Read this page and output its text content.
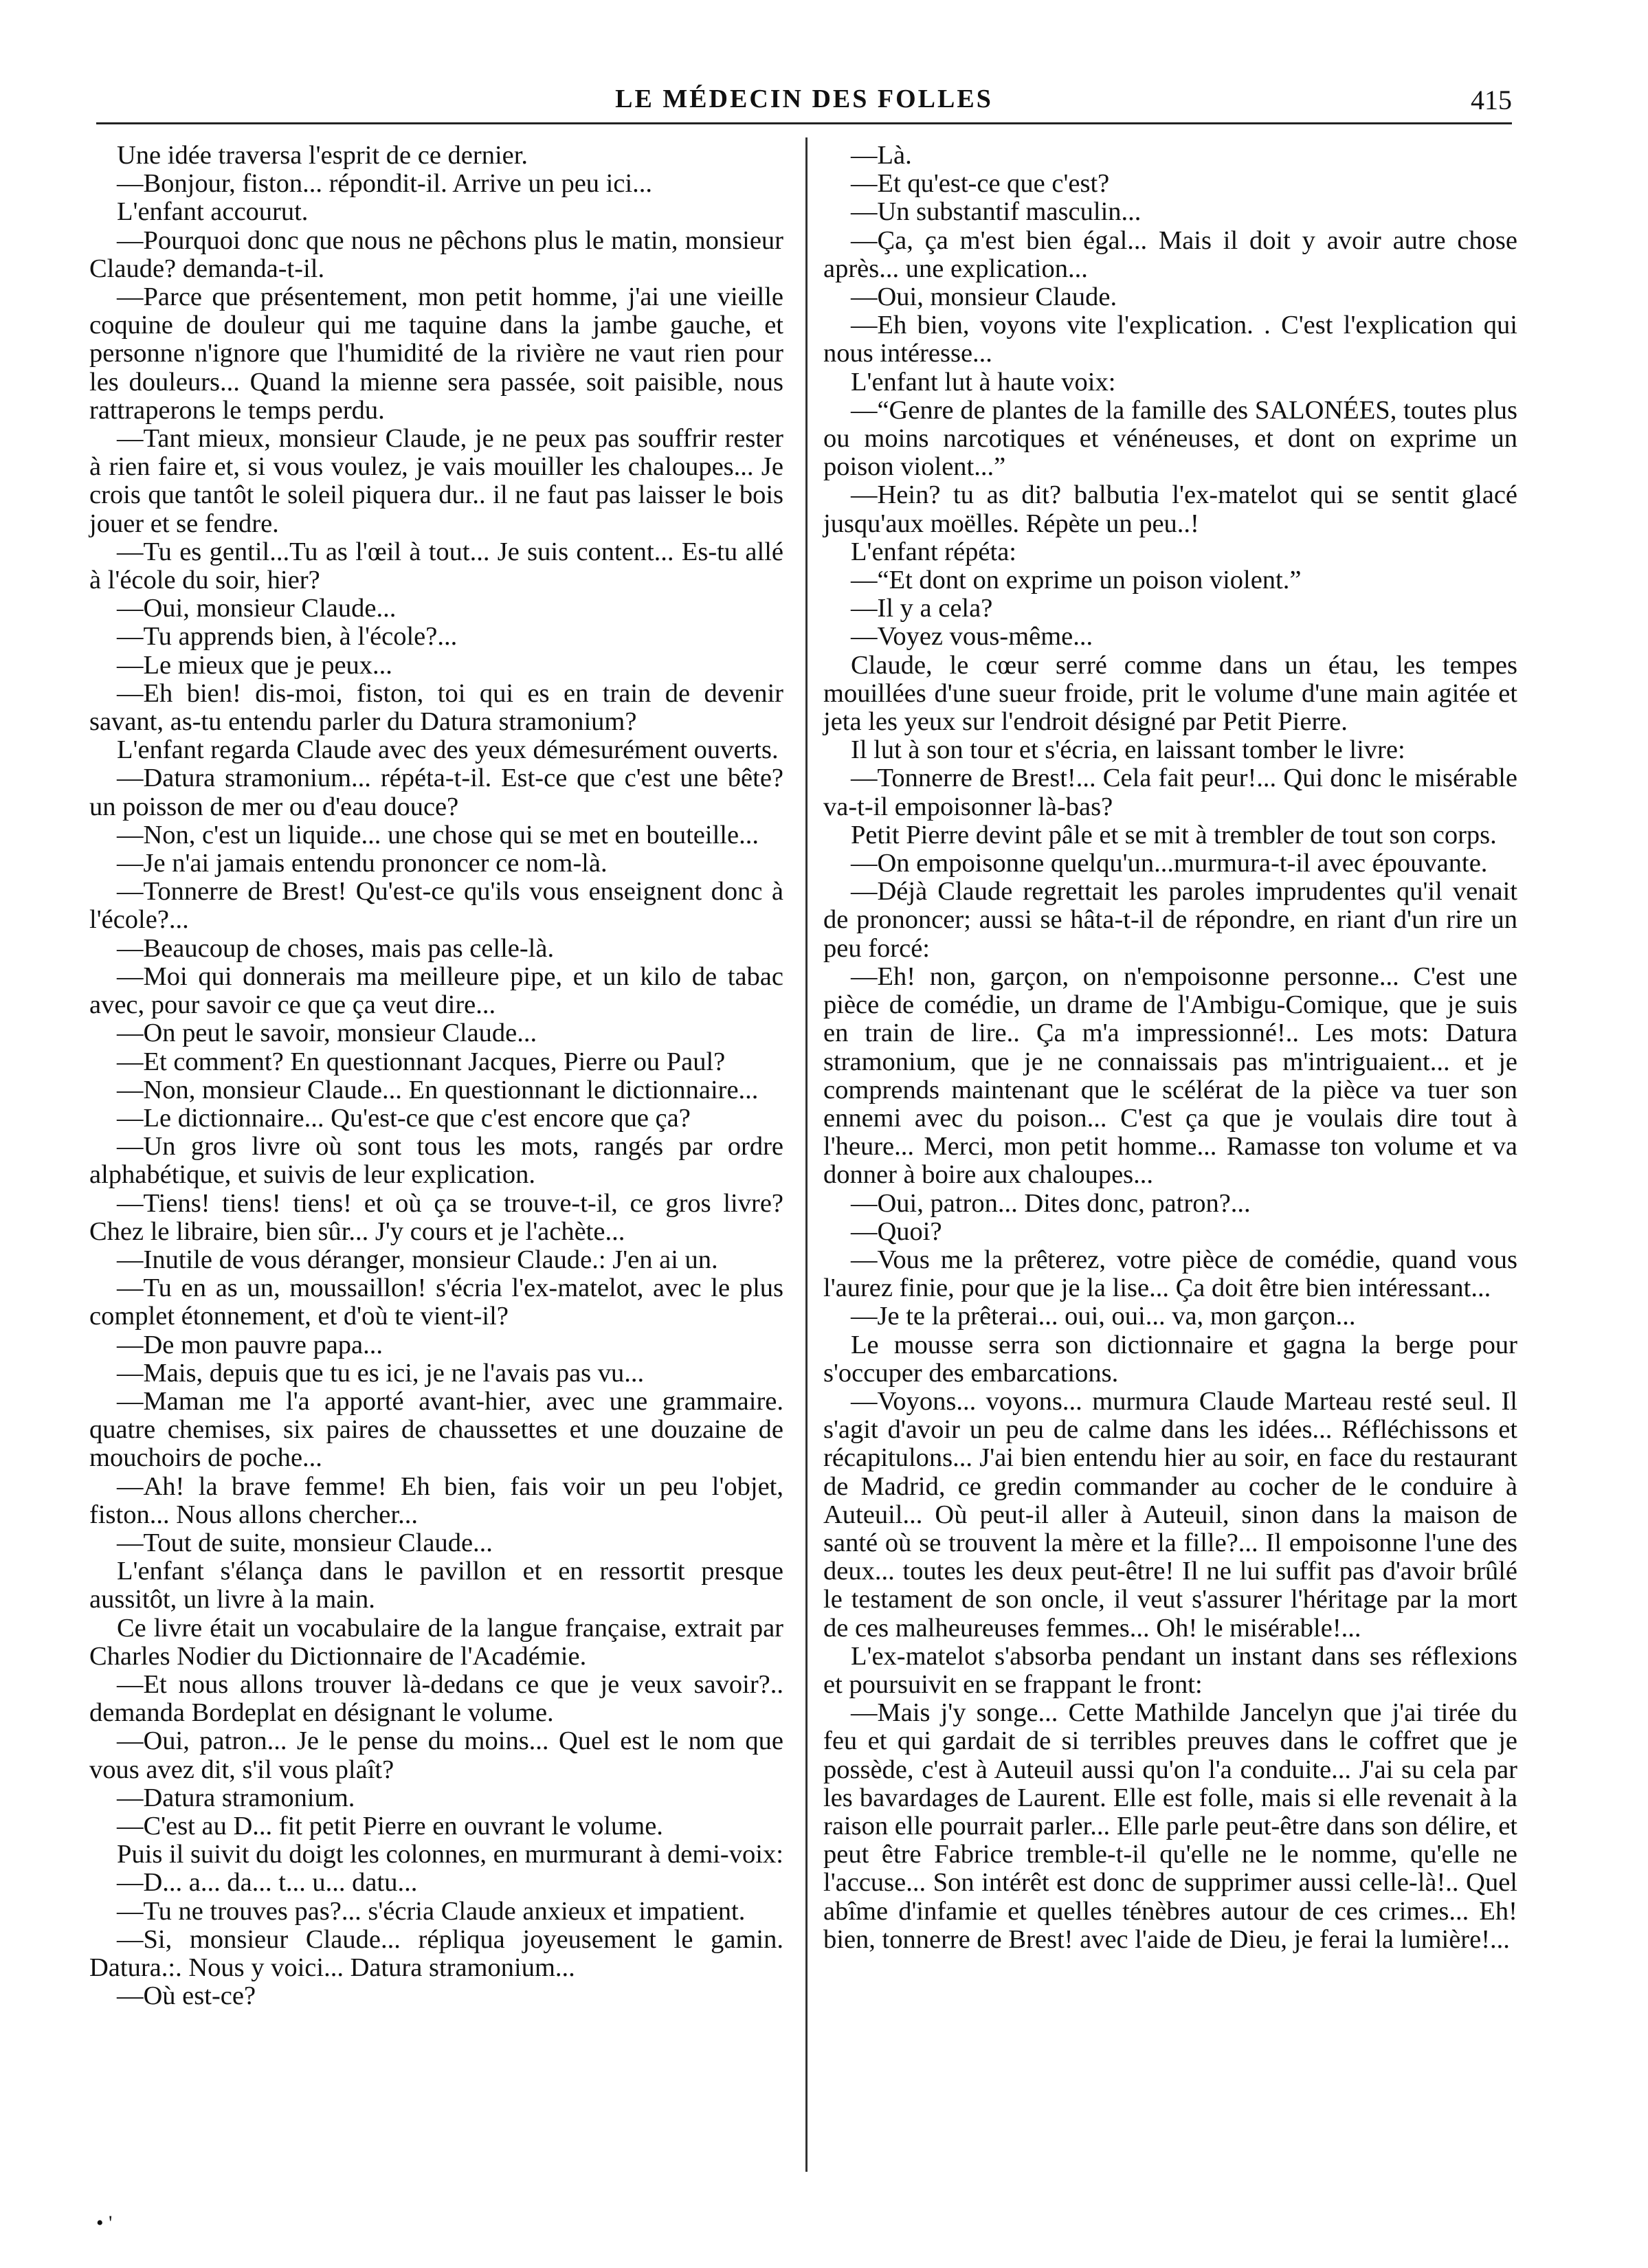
LE MÉDECIN DES FOLLES	415

Une idée traversa l'esprit de ce dernier.

—Bonjour, fiston... répondit-il. Arrive un peu ici...

L'enfant accourut.

—Pourquoi donc que nous ne pêchons plus le matin, monsieur Claude? demanda-t-il.

—Parce que présentement, mon petit homme, j'ai une vieille coquine de douleur qui me taquine dans la jambe gauche, et personne n'ignore que l'humidité de la rivière ne vaut rien pour les douleurs... Quand la mienne sera passée, soit paisible, nous rattraperons le temps perdu.

—Tant mieux, monsieur Claude, je ne peux pas souffrir rester à rien faire et, si vous voulez, je vais mouiller les chaloupes... Je crois que tantôt le soleil piquera dur.. il ne faut pas laisser le bois jouer et se fendre.

—Tu es gentil...Tu as l'œil à tout... Je suis content... Es-tu allé à l'école du soir, hier?

—Oui, monsieur Claude...

—Tu apprends bien, à l'école?...

—Le mieux que je peux...

—Eh bien! dis-moi, fiston, toi qui es en train de devenir savant, as-tu entendu parler du Datura stramonium?

L'enfant regarda Claude avec des yeux démesurément ouverts.

—Datura stramonium... répéta-t-il. Est-ce que c'est une bête? un poisson de mer ou d'eau douce?

—Non, c'est un liquide... une chose qui se met en bouteille...

—Je n'ai jamais entendu prononcer ce nom-là.

—Tonnerre de Brest! Qu'est-ce qu'ils vous enseignent donc à l'école?...

—Beaucoup de choses, mais pas celle-là.

—Moi qui donnerais ma meilleure pipe, et un kilo de tabac avec, pour savoir ce que ça veut dire...

—On peut le savoir, monsieur Claude...

—Et comment? En questionnant Jacques, Pierre ou Paul?

—Non, monsieur Claude... En questionnant le dictionnaire...

—Le dictionnaire... Qu'est-ce que c'est encore que ça?

—Un gros livre où sont tous les mots, rangés par ordre alphabétique, et suivis de leur explication.

—Tiens! tiens! tiens! et où ça se trouve-t-il, ce gros livre? Chez le libraire, bien sûr... J'y cours et je l'achète...

—Inutile de vous déranger, monsieur Claude.: J'en ai un.

—Tu en as un, moussaillon! s'écria l'ex-matelot, avec le plus complet étonnement, et d'où te vient-il?

—De mon pauvre papa...

—Mais, depuis que tu es ici, je ne l'avais pas vu...

—Maman me l'a apporté avant-hier, avec une grammaire. quatre chemises, six paires de chaussettes et une douzaine de mouchoirs de poche...

—Ah! la brave femme! Eh bien, fais voir un peu l'objet, fiston... Nous allons chercher...

—Tout de suite, monsieur Claude...

L'enfant s'élança dans le pavillon et en ressortit presque aussitôt, un livre à la main.

Ce livre était un vocabulaire de la langue française, extrait par Charles Nodier du Dictionnaire de l'Académie.

—Et nous allons trouver là-dedans ce que je veux savoir?.. demanda Bordeplat en désignant le volume.

—Oui, patron... Je le pense du moins... Quel est le nom que vous avez dit, s'il vous plaît?

—Datura stramonium.

—C'est au D... fit petit Pierre en ouvrant le volume.

Puis il suivit du doigt les colonnes, en murmurant à demi-voix:

—D... a... da... t... u... datu...

—Tu ne trouves pas?... s'écria Claude anxieux et impatient.

—Si, monsieur Claude... répliqua joyeusement le gamin. Datura.:. Nous y voici... Datura stramonium...

—Où est-ce?

—Là.

—Et qu'est-ce que c'est?

—Un substantif masculin...

—Ça, ça m'est bien égal... Mais il doit y avoir autre chose après... une explication...

—Oui, monsieur Claude.

—Eh bien, voyons vite l'explication. . C'est l'explication qui nous intéresse...

L'enfant lut à haute voix:

—“Genre de plantes de la famille des SALONÉES, toutes plus ou moins narcotiques et vénéneuses, et dont on exprime un poison violent...”

—Hein? tu as dit? balbutia l'ex-matelot qui se sentit glacé jusqu'aux moëlles. Répète un peu..!

L'enfant répéta:

—“Et dont on exprime un poison violent.”

—Il y a cela?

—Voyez vous-même...

Claude, le cœur serré comme dans un étau, les tempes mouillées d'une sueur froide, prit le volume d'une main agitée et jeta les yeux sur l'endroit désigné par Petit Pierre.

Il lut à son tour et s'écria, en laissant tomber le livre:

—Tonnerre de Brest!... Cela fait peur!... Qui donc le misérable va-t-il empoisonner là-bas?

Petit Pierre devint pâle et se mit à trembler de tout son corps.

—On empoisonne quelqu'un...murmura-t-il avec épouvante.

—Déjà Claude regrettait les paroles imprudentes qu'il venait de prononcer; aussi se hâta-t-il de répondre, en riant d'un rire un peu forcé:

—Eh! non, garçon, on n'empoisonne personne... C'est une pièce de comédie, un drame de l'Ambigu-Comique, que je suis en train de lire.. Ça m'a impressionné!.. Les mots: Datura stramonium, que je ne connaissais pas m'intriguaient... et je comprends maintenant que le scélérat de la pièce va tuer son ennemi avec du poison... C'est ça que je voulais dire tout à l'heure... Merci, mon petit homme... Ramasse ton volume et va donner à boire aux chaloupes...

—Oui, patron... Dites donc, patron?...

—Quoi?

—Vous me la prêterez, votre pièce de comédie, quand vous l'aurez finie, pour que je la lise... Ça doit être bien intéressant...

—Je te la prêterai... oui, oui... va, mon garçon...

Le mousse serra son dictionnaire et gagna la berge pour s'occuper des embarcations.

—Voyons... voyons... murmura Claude Marteau resté seul. Il s'agit d'avoir un peu de calme dans les idées... Réfléchissons et récapitulons... J'ai bien entendu hier au soir, en face du restaurant de Madrid, ce gredin commander au cocher de le conduire à Auteuil... Où peut-il aller à Auteuil, sinon dans la maison de santé où se trouvent la mère et la fille?... Il empoisonne l'une des deux... toutes les deux peut-être! Il ne lui suffit pas d'avoir brûlé le testament de son oncle, il veut s'assurer l'héritage par la mort de ces malheureuses femmes... Oh! le misérable!...

L'ex-matelot s'absorba pendant un instant dans ses réflexions et poursuivit en se frappant le front:

—Mais j'y songe... Cette Mathilde Jancelyn que j'ai tirée du feu et qui gardait de si terribles preuves dans le coffret que je possède, c'est à Auteuil aussi qu'on l'a conduite... J'ai su cela par les bavardages de Laurent. Elle est folle, mais si elle revenait à la raison elle pourrait parler... Elle parle peut-être dans son délire, et peut être Fabrice tremble-t-il qu'elle ne le nomme, qu'elle ne l'accuse... Son intérêt est donc de supprimer aussi celle-là!.. Quel abîme d'infamie et quelles ténèbres autour de ces crimes... Eh! bien, tonnerre de Brest! avec l'aide de Dieu, je ferai la lumière!...

• '
